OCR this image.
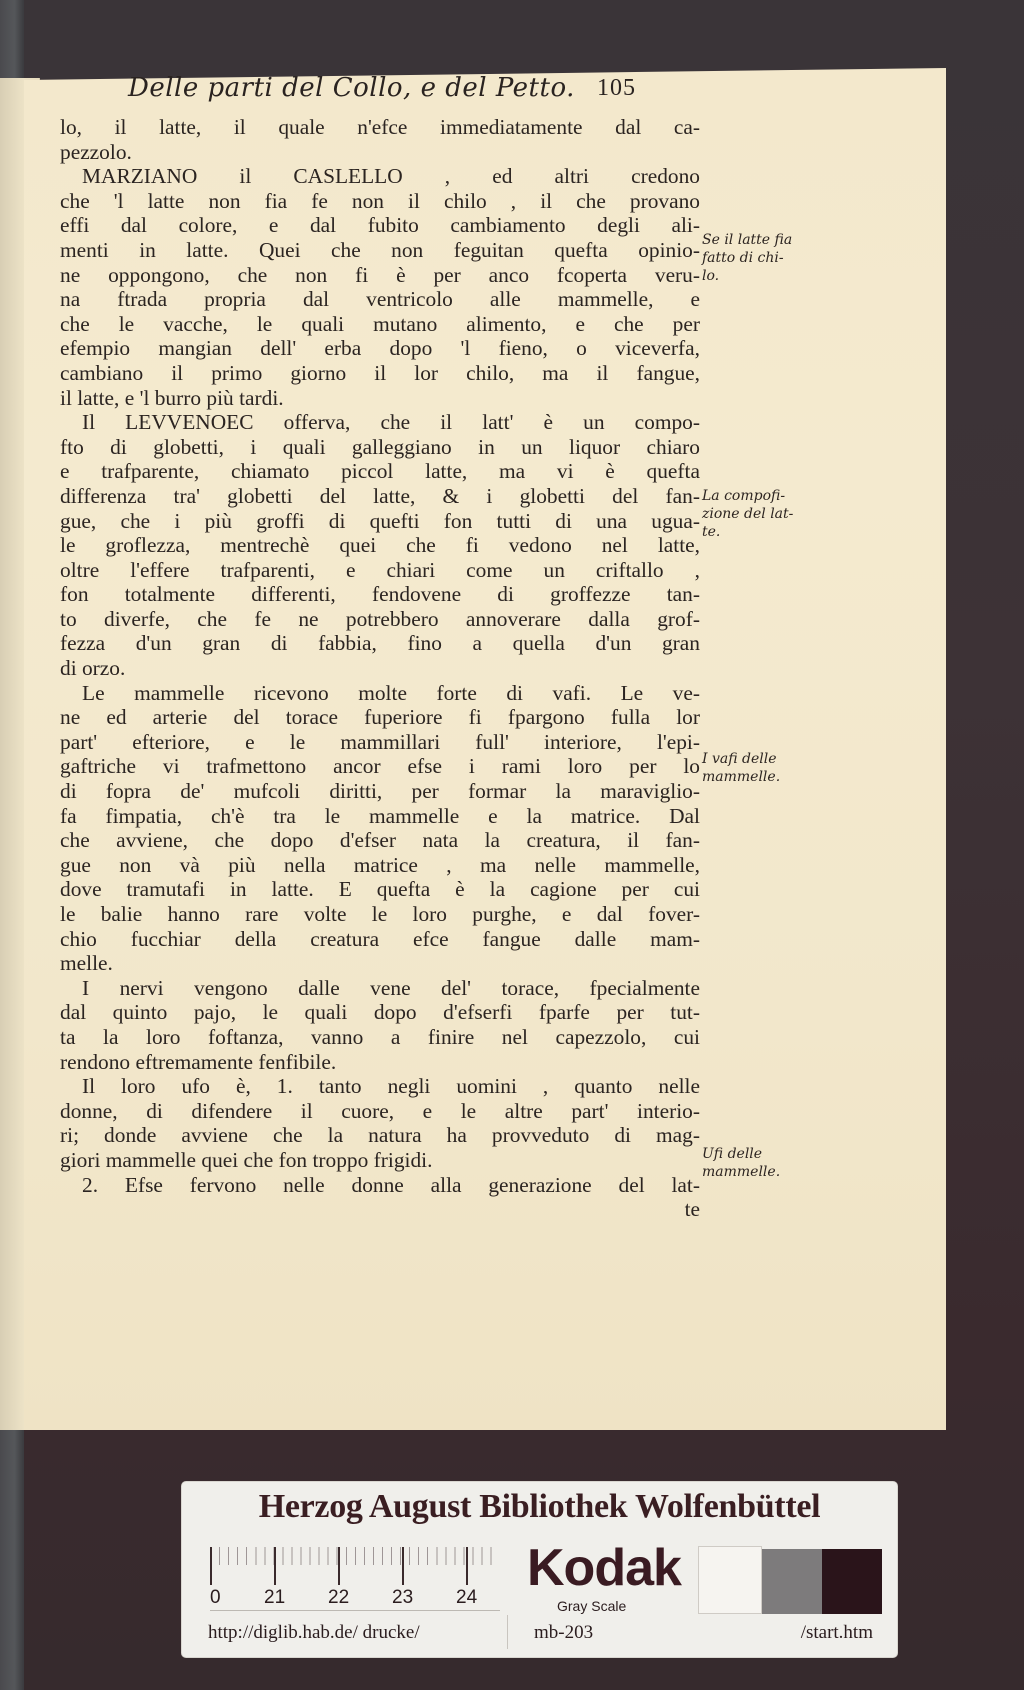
Delle parti del Collo, e del Petto. 105
lo, il latte, il quale n'efce immediatamente dal ca-
pezzolo.
MARZIANO il CASLELLO , ed altri credono
che 'l latte non fia fe non il chilo , il che provano
effi dal colore, e dal fubito cambiamento degli ali-
menti in latte. Quei che non feguitan quefta opinio-
ne oppongono, che non fi è per anco fcoperta veru-
na ftrada propria dal ventricolo alle mammelle, e
che le vacche, le quali mutano alimento, e che per
efempio mangian dell' erba dopo 'l fieno, o viceverfa,
cambiano il primo giorno il lor chilo, ma il fangue,
il latte, e 'l burro più tardi.
Il LEVVENOEC offerva, che il latt' è un compo-
fto di globetti, i quali galleggiano in un liquor chiaro
e trafparente, chiamato piccol latte, ma vi è quefta
differenza tra' globetti del latte, & i globetti del fan-
gue, che i più groffi di quefti fon tutti di una ugua-
le groflezza, mentrechè quei che fi vedono nel latte,
oltre l'effere trafparenti, e chiari come un criftallo ,
fon totalmente differenti, fendovene di groffezze tan-
to diverfe, che fe ne potrebbero annoverare dalla grof-
fezza d'un gran di fabbia, fino a quella d'un gran
di orzo.
Le mammelle ricevono molte forte di vafi. Le ve-
ne ed arterie del torace fuperiore fi fpargono fulla lor
part' efteriore, e le mammillari full' interiore, l'epi-
gaftriche vi trafmettono ancor efse i rami loro per lo
di fopra de' mufcoli diritti, per formar la maraviglio-
fa fimpatia, ch'è tra le mammelle e la matrice. Dal
che avviene, che dopo d'efser nata la creatura, il fan-
gue non và più nella matrice , ma nelle mammelle,
dove tramutafi in latte. E quefta è la cagione per cui
le balie hanno rare volte le loro purghe, e dal fover-
chio fucchiar della creatura efce fangue dalle mam-
melle.
I nervi vengono dalle vene del' torace, fpecialmente
dal quinto pajo, le quali dopo d'efserfi fparfe per tut-
ta la loro foftanza, vanno a finire nel capezzolo, cui
rendono eftremamente fenfibile.
Il loro ufo è, 1. tanto negli uomini , quanto nelle
donne, di difendere il cuore, e le altre part' interio-
ri; donde avviene che la natura ha provveduto di mag-
giori mammelle quei che fon troppo frigidi.
2. Efse fervono nelle donne alla generazione del lat-
te
Se il latte fia
fatto di chi-
lo.
La compofi-
zione del lat-
te.
I vafi delle
mammelle.
Ufi delle
mammelle.
Herzog August Bibliothek Wolfenbüttel
0 21 22 23 24
Kodak
Gray Scale
http://diglib.hab.de/ drucke/	mb-203	/start.htm
